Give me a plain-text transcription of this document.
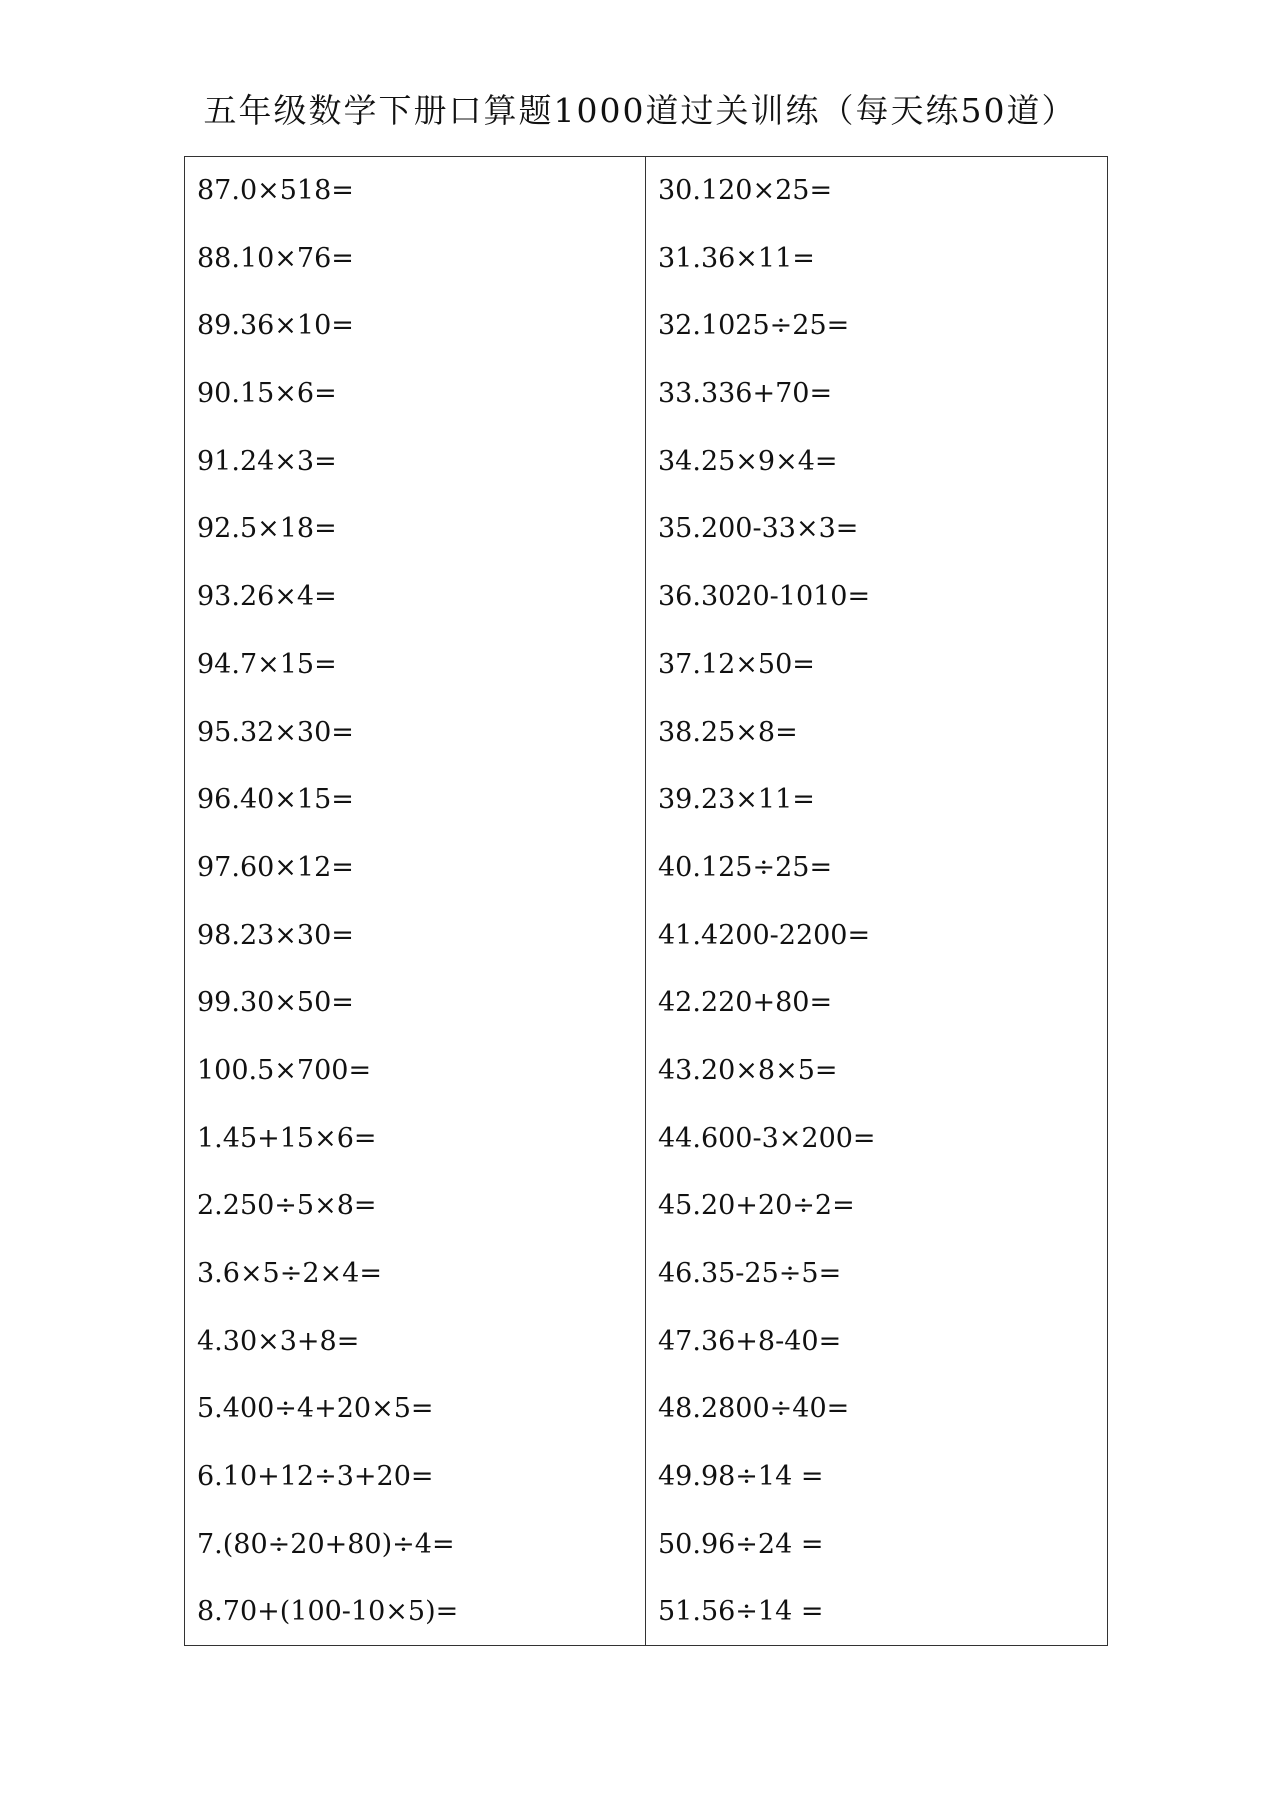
五年级数学下册口算题1000道过关训练（每天练50道）
87.0×518=
88.10×76=
89.36×10=
90.15×6=
91.24×3=
92.5×18=
93.26×4=
94.7×15=
95.32×30=
96.40×15=
97.60×12=
98.23×30=
99.30×50=
100.5×700=
1.45+15×6=
2.250÷5×8=
3.6×5÷2×4=
4.30×3+8=
5.400÷4+20×5=
6.10+12÷3+20=
7.(80÷20+80)÷4=
8.70+(100-10×5)=
30.120×25=
31.36×11=
32.1025÷25=
33.336+70=
34.25×9×4=
35.200-33×3=
36.3020-1010=
37.12×50=
38.25×8=
39.23×11=
40.125÷25=
41.4200-2200=
42.220+80=
43.20×8×5=
44.600-3×200=
45.20+20÷2=
46.35-25÷5=
47.36+8-40=
48.2800÷40=
49.98÷14 =
50.96÷24 =
51.56÷14 =
